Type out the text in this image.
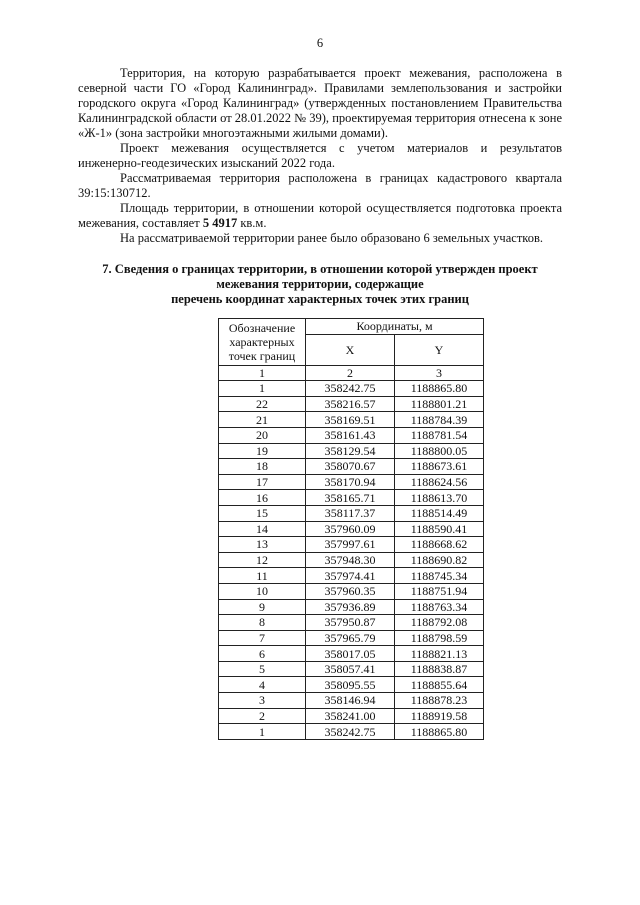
6

Территория, на которую разрабатывается проект межевания, расположена в северной части ГО «Город Калининград». Правилами землепользования и застройки городского округа «Город Калининград» (утвержденных постановлением Правительства Калининградской области от 28.01.2022 № 39), проектируемая территория отнесена к зоне «Ж-1» (зона застройки многоэтажными жилыми домами).

Проект межевания осуществляется с учетом материалов и результатов инженерно-геодезических изысканий 2022 года.

Рассматриваемая территория расположена в границах кадастрового квартала 39:15:130712.

Площадь территории, в отношении которой осуществляется подготовка проекта межевания, составляет 5 4917 кв.м.

На рассматриваемой территории ранее было образовано 6 земельных участков.

7. Сведения о границах территории, в отношении которой утвержден проект
межевания территории, содержащие
перечень координат характерных точек этих границ
Обозначение характерных точек границ	Координаты, м	
	X	Y
1	2	3
1	358242.75	1188865.80
22	358216.57	1188801.21
21	358169.51	1188784.39
20	358161.43	1188781.54
19	358129.54	1188800.05
18	358070.67	1188673.61
17	358170.94	1188624.56
16	358165.71	1188613.70
15	358117.37	1188514.49
14	357960.09	1188590.41
13	357997.61	1188668.62
12	357948.30	1188690.82
11	357974.41	1188745.34
10	357960.35	1188751.94
9	357936.89	1188763.34
8	357950.87	1188792.08
7	357965.79	1188798.59
6	358017.05	1188821.13
5	358057.41	1188838.87
4	358095.55	1188855.64
3	358146.94	1188878.23
2	358241.00	1188919.58
1	358242.75	1188865.80
